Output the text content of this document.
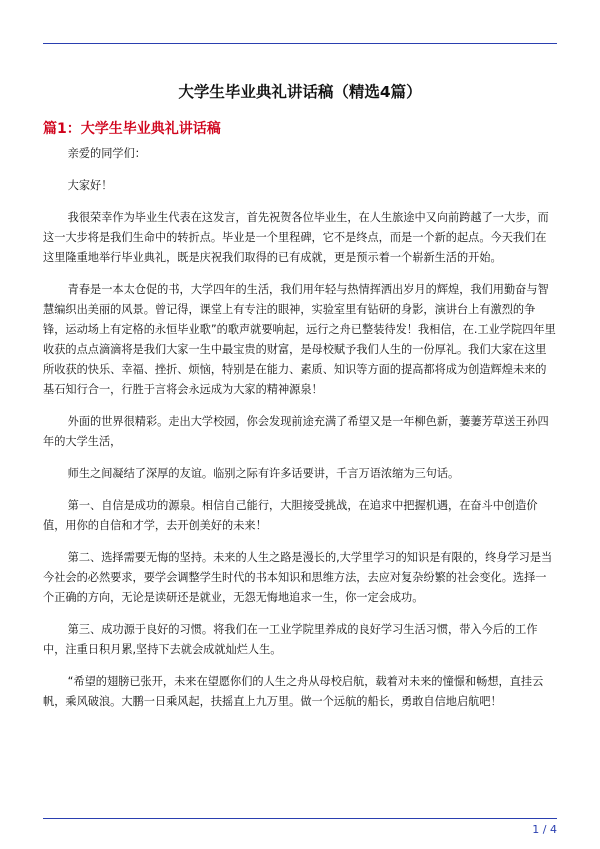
大学生毕业典礼讲话稿（精选4篇）
篇1：大学生毕业典礼讲话稿

亲爱的同学们：

大家好！

我很荣幸作为毕业生代表在这发言，首先祝贺各位毕业生，在人生旅途中又向前跨越了一大步，而这一大步将是我们生命中的转折点。毕业是一个里程碑，它不是终点，而是一个新的起点。今天我们在这里隆重地举行毕业典礼，既是庆祝我们取得的已有成就，更是预示着一个崭新生活的开始。

青春是一本太仓促的书，大学四年的生活，我们用年轻与热情挥洒出岁月的辉煌，我们用勤奋与智慧编织出美丽的风景。曾记得，课堂上有专注的眼神，实验室里有钻研的身影，演讲台上有激烈的争锋，运动场上有定格的永恒毕业歌”的歌声就要响起，远行之舟已整装待发！我相信，在.工业学院四年里收获的点点滴滴将是我们大家一生中最宝贵的财富，是母校赋予我们人生的一份厚礼。我们大家在这里所收获的快乐、幸福、挫折、烦恼，特别是在能力、素质、知识等方面的提高都将成为创造辉煌未来的基石知行合一，行胜于言将会永远成为大家的精神源泉！

外面的世界很精彩。走出大学校园，你会发现前途充满了希望又是一年柳色新，萋萋芳草送王孙四年的大学生活，

师生之间凝结了深厚的友谊。临别之际有许多话要讲，千言万语浓缩为三句话。

第一、自信是成功的源泉。相信自己能行，大胆接受挑战，在追求中把握机遇，在奋斗中创造价值，用你的自信和才学，去开创美好的未来！

第二、选择需要无悔的坚持。未来的人生之路是漫长的,大学里学习的知识是有限的，终身学习是当今社会的必然要求，要学会调整学生时代的书本知识和思维方法，去应对复杂纷繁的社会变化。选择一个正确的方向，无论是读研还是就业，无怨无悔地追求一生，你一定会成功。

第三、成功源于良好的习惯。将我们在一工业学院里养成的良好学习生活习惯，带入今后的工作中，注重日积月累,坚持下去就会成就灿烂人生。

“希望的翅膀已张开，未来在望愿你们的人生之舟从母校启航，载着对未来的憧憬和畅想，直挂云帆，乘风破浪。大鹏一日乘风起，扶摇直上九万里。做一个远航的船长，勇敢自信地启航吧！

1 / 4
